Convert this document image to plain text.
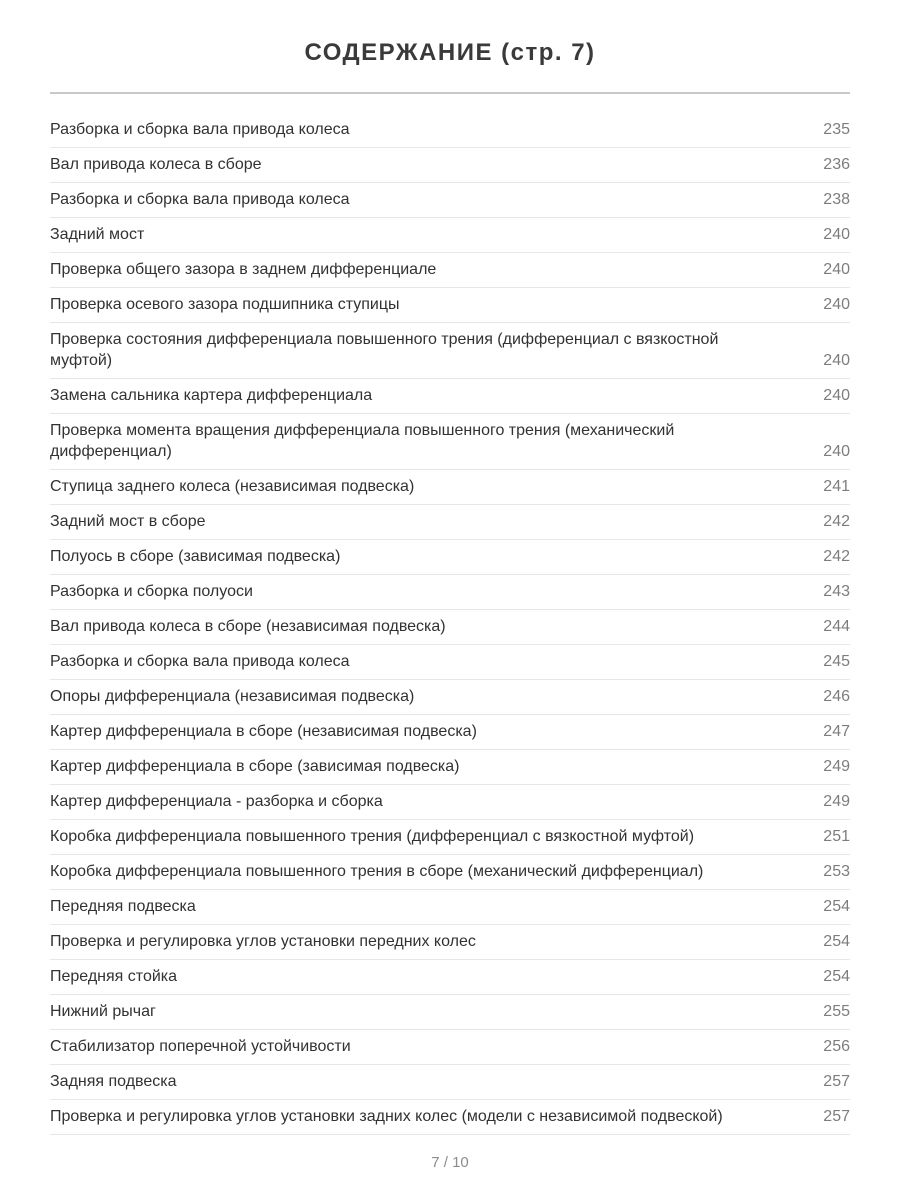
СОДЕРЖАНИЕ (стр. 7)
Разборка и сборка вала привода колеса	235
Вал привода колеса в сборе	236
Разборка и сборка вала привода колеса	238
Задний мост	240
Проверка общего зазора в заднем дифференциале	240
Проверка осевого зазора подшипника ступицы	240
Проверка состояния дифференциала повышенного трения (дифференциал с вязкостной муфтой)	240
Замена сальника картера дифференциала	240
Проверка момента вращения дифференциала повышенного трения (механический дифференциал)	240
Ступица заднего колеса (независимая подвеска)	241
Задний мост в сборе	242
Полуось в сборе (зависимая подвеска)	242
Разборка и сборка полуоси	243
Вал привода колеса в сборе (независимая подвеска)	244
Разборка и сборка вала привода колеса	245
Опоры дифференциала (независимая подвеска)	246
Картер дифференциала в сборе (независимая подвеска)	247
Картер дифференциала в сборе (зависимая подвеска)	249
Картер дифференциала - разборка и сборка	249
Коробка дифференциала повышенного трения (дифференциал с вязкостной муфтой)	251
Коробка дифференциала повышенного трения в сборе (механический дифференциал)	253
Передняя подвеска	254
Проверка и регулировка углов установки передних колес	254
Передняя стойка	254
Нижний рычаг	255
Стабилизатор поперечной устойчивости	256
Задняя подвеска	257
Проверка и регулировка углов установки задних колес (модели с независимой подвеской)	257
7 / 10
